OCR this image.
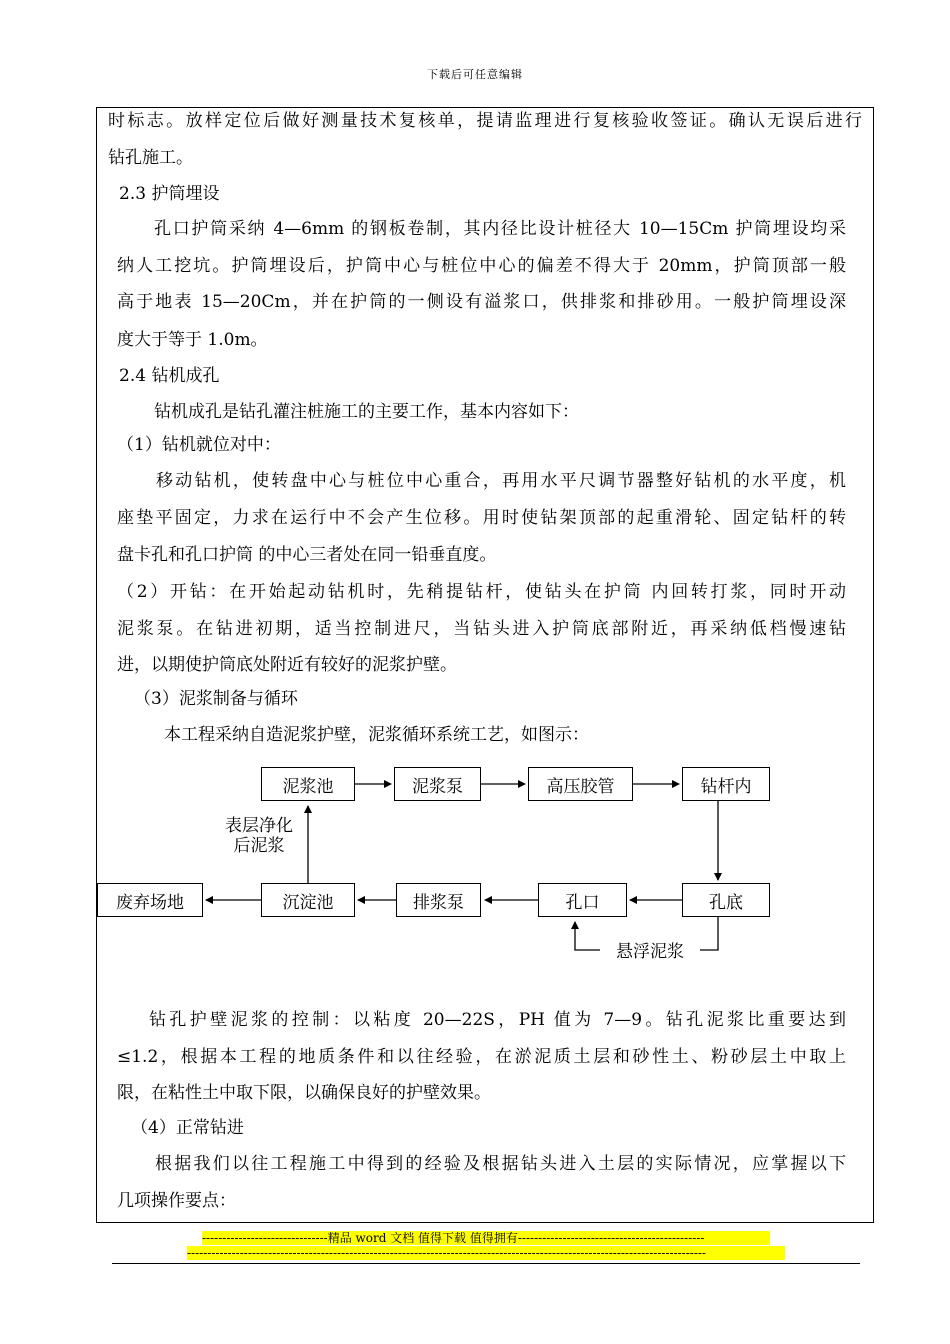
下载后可任意编辑
时标志。放样定位后做好测量技术复核单，提请监理进行复核验收签证。确认无误后进行
钻孔施工。
2.3 护筒埋设
孔口护筒采纳 4—6mm 的钢板卷制，其内径比设计桩径大 10—15Cm 护筒埋设均采
纳人工挖坑。护筒埋设后，护筒中心与桩位中心的偏差不得大于 20mm，护筒顶部一般
高于地表 15—20Cm，并在护筒的一侧设有溢浆口，供排浆和排砂用。一般护筒埋设深
度大于等于 1.0m。
2.4 钻机成孔
钻机成孔是钻孔灌注桩施工的主要工作，基本内容如下：
（1）钻机就位对中：
移动钻机，使转盘中心与桩位中心重合，再用水平尺调节器整好钻机的水平度，机
座垫平固定，力求在运行中不会产生位移。用时使钻架顶部的起重滑轮、固定钻杆的转
盘卡孔和孔口护筒 的中心三者处在同一铅垂直度。
（2）开钻：在开始起动钻机时，先稍提钻杆，使钻头在护筒 内回转打浆，同时开动
泥浆泵。在钻进初期，适当控制进尺，当钻头进入护筒底部附近，再采纳低档慢速钻
进，以期使护筒底处附近有较好的泥浆护壁。
（3）泥浆制备与循环
本工程采纳自造泥浆护壁，泥浆循环系统工艺，如图示：
泥浆池	泥浆泵	高压胶管	钻杆内
孔底
孔口
排浆泵
沉淀池
废弃场地
表层净化
后泥浆
悬浮泥浆
钻孔护壁泥浆的控制：以粘度 20—22S，PH 值为 7—9。钻孔泥浆比重要达到
≤1.2，根据本工程的地质条件和以往经验，在淤泥质土层和砂性土、粉砂层土中取上
限，在粘性土中取下限，以确保良好的护壁效果。
（4）正常钻进
根据我们以往工程施工中得到的经验及根据钻头进入土层的实际情况，应掌握以下
几项操作要点：
-------------------------------精品 word 文档 值得下载 值得拥有----------------------------------------------
--------------------------------------------------------------------------------------------------------------------------------
